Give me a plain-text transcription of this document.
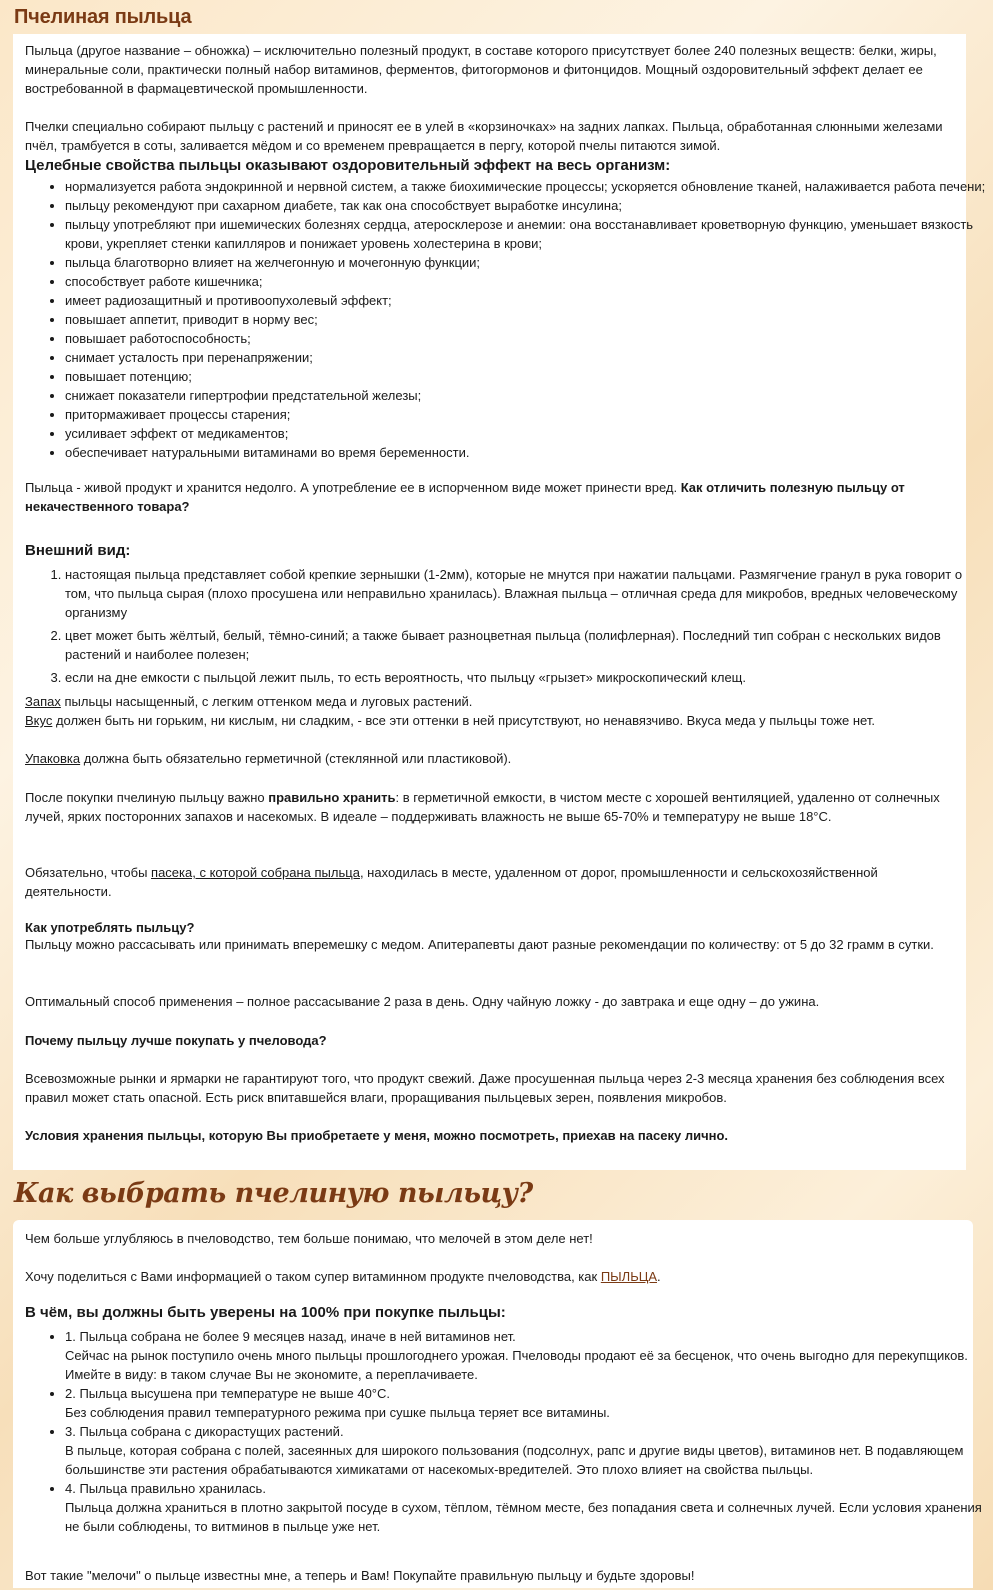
Пчелиная пыльца

Пыльца (другое название – обножка) – исключительно полезный продукт, в составе которого присутствует более 240 полезных веществ: белки, жиры, минеральные соли, практически полный набор витаминов, ферментов, фитогормонов и фитонцидов. Мощный оздоровительный эффект делает ее востребованной в фармацевтической промышленности.

Пчелки специально собирают пыльцу с растений и приносят ее в улей в «корзиночках» на задних лапках. Пыльца, обработанная слюнными железами пчёл, трамбуется в соты, заливается мёдом и со временем превращается в пергу, которой пчелы питаются зимой.

Целебные свойства пыльцы оказывают оздоровительный эффект на весь организм:

• нормализуется работа эндокринной и нервной систем, а также биохимические процессы; ускоряется обновление тканей, налаживается работа печени;
• пыльцу рекомендуют при сахарном диабете, так как она способствует выработке инсулина;
• пыльцу употребляют при ишемических болезнях сердца, атеросклерозе и анемии: она восстанавливает кроветворную функцию, уменьшает вязкость крови, укрепляет стенки капилляров и понижает уровень холестерина в крови;
• пыльца благотворно влияет на желчегонную и мочегонную функции;
• способствует работе кишечника;
• имеет радиозащитный и противоопухолевый эффект;
• повышает аппетит, приводит в норму вес;
• повышает работоспособность;
• снимает усталость при перенапряжении;
• повышает потенцию;
• снижает показатели гипертрофии предстательной железы;
• притормаживает процессы старения;
• усиливает эффект от медикаментов;
• обеспечивает натуральными витаминами во время беременности.

Пыльца - живой продукт и хранится недолго. А употребление ее в испорченном виде может принести вред. Как отличить полезную пыльцу от некачественного товара?

Внешний вид:

1. настоящая пыльца представляет собой крепкие зернышки (1-2мм), которые не мнутся при нажатии пальцами. Размягчение гранул в рука говорит о том, что пыльца сырая (плохо просушена или неправильно хранилась). Влажная пыльца – отличная среда для микробов, вредных человеческому организму
2. цвет может быть жёлтый, белый, тёмно-синий; а также бывает разноцветная пыльца (полифлерная). Последний тип собран с нескольких видов растений и наиболее полезен;
3. если на дне емкости с пыльцой лежит пыль, то есть вероятность, что пыльцу «грызет» микроскопический клещ.

Запах пыльцы насыщенный, с легким оттенком меда и луговых растений.

Вкус должен быть ни горьким, ни кислым, ни сладким, - все эти оттенки в ней присутствуют, но ненавязчиво. Вкуса меда у пыльцы тоже нет.

Упаковка должна быть обязательно герметичной (стеклянной или пластиковой).

После покупки пчелиную пыльцу важно правильно хранить: в герметичной емкости, в чистом месте с хорошей вентиляцией, удаленно от солнечных лучей, ярких посторонних запахов и насекомых. В идеале – поддерживать влажность не выше 65-70% и температуру не выше 18°С.

Обязательно, чтобы пасека, с которой собрана пыльца, находилась в месте, удаленном от дорог, промышленности и сельскохозяйственной деятельности.

Как употреблять пыльцу?

Пыльцу можно рассасывать или принимать вперемешку с медом. Апитерапевты дают разные рекомендации по количеству: от 5 до 32 грамм в сутки.

Оптимальный способ применения – полное рассасывание 2 раза в день. Одну чайную ложку - до завтрака и еще одну – до ужина.

Почему пыльцу лучше покупать у пчеловода?

Всевозможные рынки и ярмарки не гарантируют того, что продукт свежий. Даже просушенная пыльца через 2-3 месяца хранения без соблюдения всех правил может стать опасной. Есть риск впитавшейся влаги, проращивания пыльцевых зерен, появления микробов.

Условия хранения пыльцы, которую Вы приобретаете у меня, можно посмотреть, приехав на пасеку лично.

Как выбрать пчелиную пыльцу?

Чем больше углубляюсь в пчеловодство, тем больше понимаю, что мелочей в этом деле нет!

Хочу поделиться с Вами информацией о таком супер витаминном продукте пчеловодства, как ПЫЛЬЦА.

В чём, вы должны быть уверены на 100% при покупке пыльцы:

• 1. Пыльца собрана не более 9 месяцев назад, иначе в ней витаминов нет.
Сейчас на рынок поступило очень много пыльцы прошлогоднего урожая. Пчеловоды продают её за бесценок, что очень выгодно для перекупщиков. Имейте в виду: в таком случае Вы не экономите, а переплачиваете.
• 2. Пыльца высушена при температуре не выше 40°С.
Без соблюдения правил температурного режима при сушке пыльца теряет все витамины.
• 3. Пыльца собрана с дикорастущих растений.
В пыльце, которая собрана с полей, засеянных для широкого пользования (подсолнух, рапс и другие виды цветов), витаминов нет. В подавляющем большинстве эти растения обрабатываются химикатами от насекомых-вредителей. Это плохо влияет на свойства пыльцы.
• 4. Пыльца правильно хранилась.
Пыльца должна храниться в плотно закрытой посуде в сухом, тёплом, тёмном месте, без попадания света и солнечных лучей. Если условия хранения не были соблюдены, то витминов в пыльце уже нет.

Вот такие "мелочи" о пыльце известны мне, а теперь и Вам! Покупайте правильную пыльцу и будьте здоровы!
